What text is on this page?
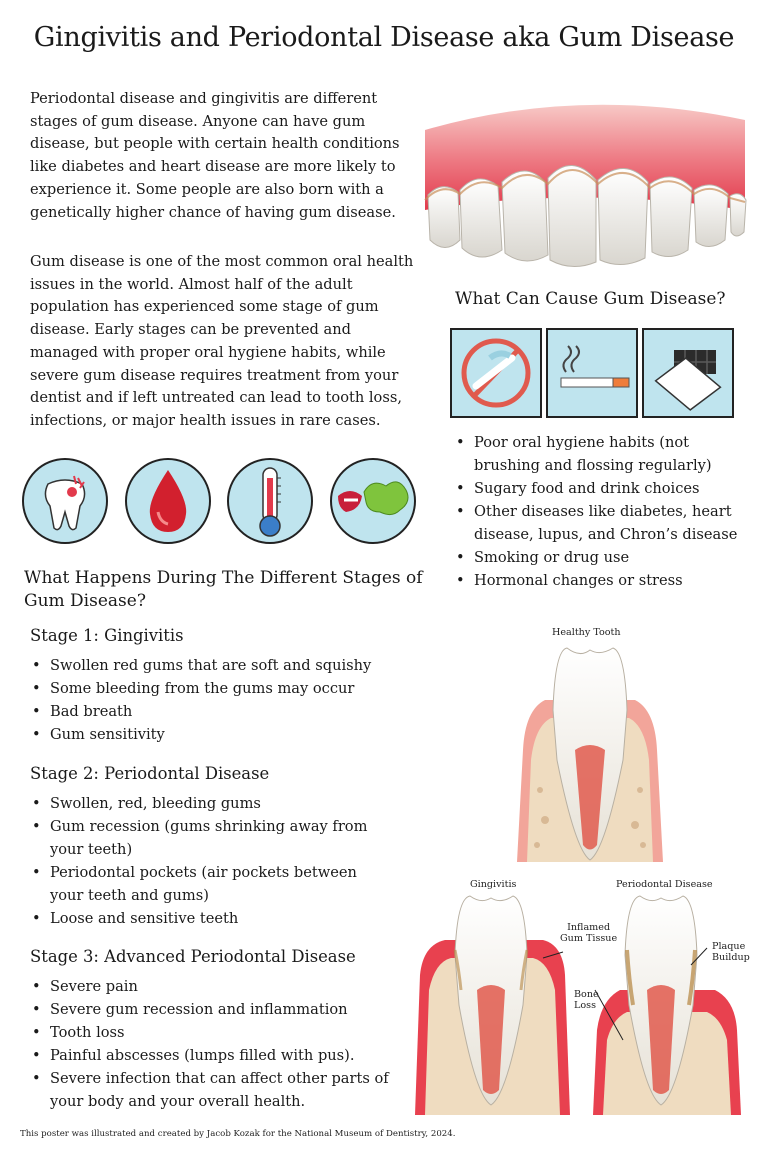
Gingivitis and Periodontal Disease aka Gum Disease

Periodontal disease and gingivitis are different stages of gum disease. Anyone can have gum disease, but people with certain health conditions like diabetes and heart disease are more likely to experience it. Some people are also born with a genetically higher chance of having gum disease.

Gum disease is one of the most common oral health issues in the world. Almost half of the adult population has experienced some stage of gum disease. Early stages can be prevented and managed with proper oral hygiene habits, while severe gum disease requires treatment from your dentist and if left untreated can lead to tooth loss, infections, or major health issues in rare cases.

What Happens During The Different Stages of Gum Disease?
Stage 1: Gingivitis
• Swollen red gums that are soft and squishy
• Some bleeding from the gums may occur
• Bad breath
• Gum sensitivity
Stage 2: Periodontal Disease
• Swollen, red, bleeding gums
• Gum recession (gums shrinking away from your teeth)
• Periodontal pockets (air pockets between your teeth and gums)
• Loose and sensitive teeth
Stage 3: Advanced Periodontal Disease
• Severe pain
• Severe gum recession and inflammation
• Tooth loss
• Painful abscesses (lumps filled with pus).
• Severe infection that can affect other parts of your body and your overall health.
What Can Cause Gum Disease?
• Poor oral hygiene habits (not brushing and flossing regularly)
• Sugary food and drink choices
• Other diseases like diabetes, heart disease, lupus, and Chron’s disease
• Smoking or drug use
• Hormonal changes or stress
Healthy Tooth
Gingivitis	Periodontal Disease
Inflamed
Gum Tissue
Plaque
Buildup
Bone
Loss
This poster was illustrated and created by Jacob Kozak for the National Museum of Dentistry, 2024.
